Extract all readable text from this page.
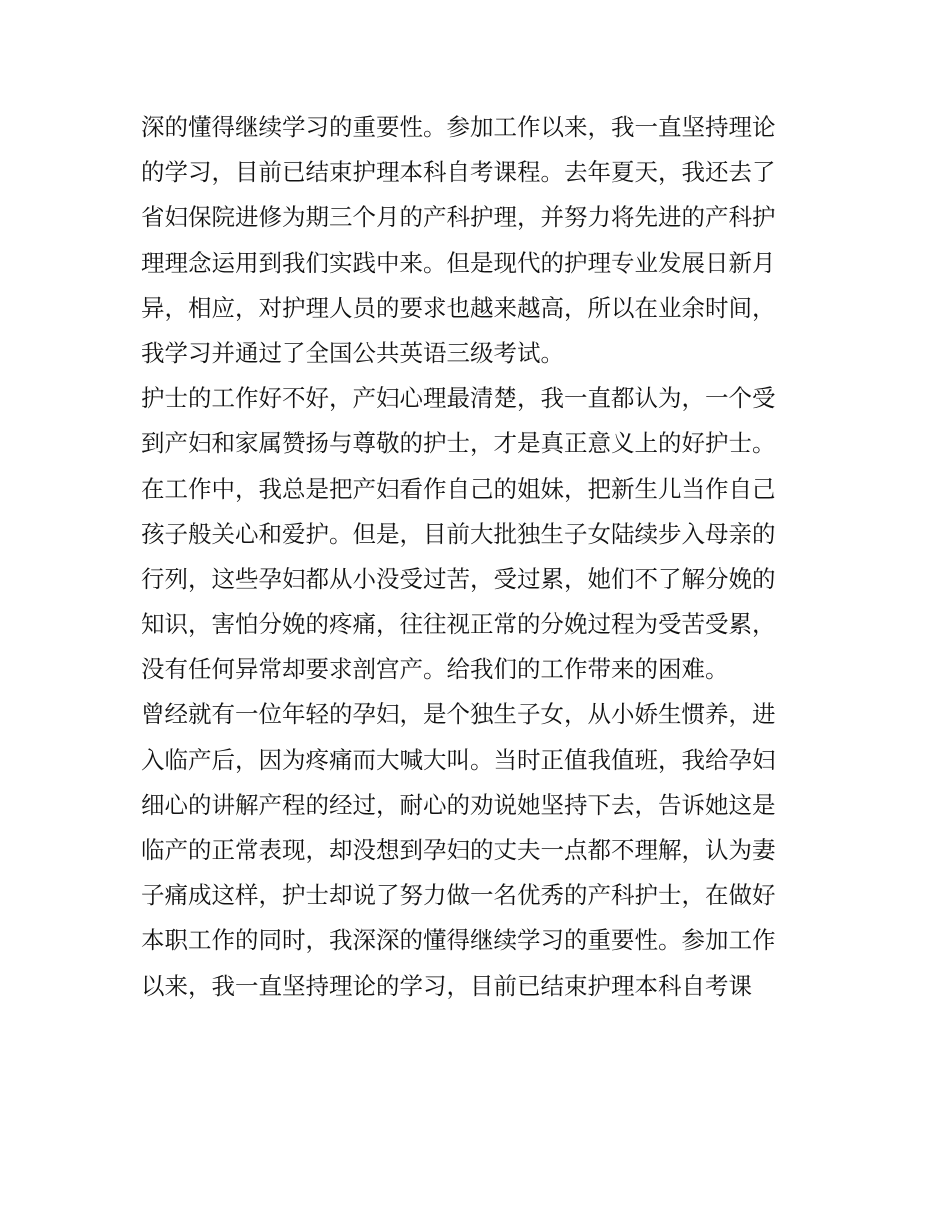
深的懂得继续学习的重要性。参加工作以来，我一直坚持理论
的学习，目前已结束护理本科自考课程。去年夏天，我还去了
省妇保院进修为期三个月的产科护理，并努力将先进的产科护
理理念运用到我们实践中来。但是现代的护理专业发展日新月
异，相应，对护理人员的要求也越来越高，所以在业余时间，
我学习并通过了全国公共英语三级考试。
护士的工作好不好，产妇心理最清楚，我一直都认为，一个受
到产妇和家属赞扬与尊敬的护士，才是真正意义上的好护士。
在工作中，我总是把产妇看作自己的姐妹，把新生儿当作自己
孩子般关心和爱护。但是，目前大批独生子女陆续步入母亲的
行列，这些孕妇都从小没受过苦，受过累，她们不了解分娩的
知识，害怕分娩的疼痛，往往视正常的分娩过程为受苦受累，
没有任何异常却要求剖宫产。给我们的工作带来的困难。
曾经就有一位年轻的孕妇，是个独生子女，从小娇生惯养，进
入临产后，因为疼痛而大喊大叫。当时正值我值班，我给孕妇
细心的讲解产程的经过，耐心的劝说她坚持下去，告诉她这是
临产的正常表现，却没想到孕妇的丈夫一点都不理解，认为妻
子痛成这样，护士却说了努力做一名优秀的产科护士，在做好
本职工作的同时，我深深的懂得继续学习的重要性。参加工作
以来，我一直坚持理论的学习，目前已结束护理本科自考课
